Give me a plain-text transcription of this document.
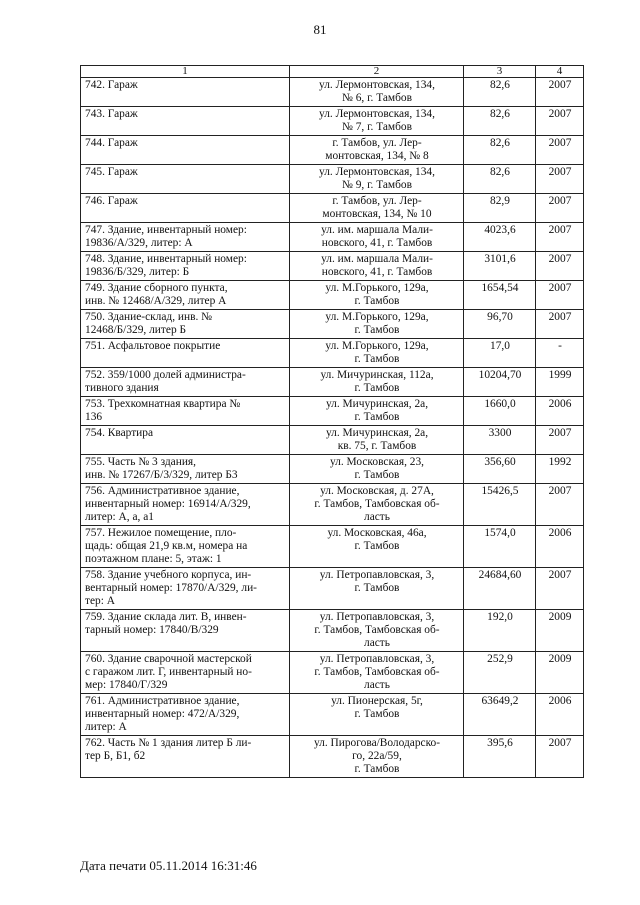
81
1	2	3	4

742. Гараж	ул. Лермонтовская, 134,
№ 6, г. Тамбов	82,6	2007

743. Гараж	ул. Лермонтовская, 134,
№ 7, г. Тамбов	82,6	2007

744. Гараж	г. Тамбов, ул. Лер-
монтовская, 134, № 8	82,6	2007

745. Гараж	ул. Лермонтовская, 134,
№ 9, г. Тамбов	82,6	2007

746. Гараж	г. Тамбов, ул. Лер-
монтовская, 134, № 10	82,9	2007

747. Здание, инвентарный номер:
19836/А/329, литер: А	ул. им. маршала Мали-
новского, 41, г. Тамбов	4023,6	2007

748. Здание, инвентарный номер:
19836/Б/329, литер: Б	ул. им. маршала Мали-
новского, 41, г. Тамбов	3101,6	2007

749. Здание сборного пункта,
инв. № 12468/А/329, литер А	ул. М.Горького, 129а,
г. Тамбов	1654,54	2007

750. Здание-склад, инв. №
12468/Б/329, литер Б	ул. М.Горького, 129а,
г. Тамбов	96,70	2007

751. Асфальтовое покрытие	ул. М.Горького, 129а,
г. Тамбов	17,0	-

752. 359/1000 долей администра-
тивного здания	ул. Мичуринская, 112а,
г. Тамбов	10204,70	1999

753. Трехкомнатная квартира №
136	ул. Мичуринская, 2а,
г. Тамбов	1660,0	2006

754. Квартира	ул. Мичуринская, 2а,
кв. 75, г. Тамбов	3300	2007

755. Часть № 3 здания,
инв. № 17267/Б/3/329, литер Б3	ул. Московская, 23,
г. Тамбов	356,60	1992

756. Административное здание,
инвентарный номер: 16914/А/329,
литер: А, а, а1	ул. Московская, д. 27А,
г. Тамбов, Тамбовская об-
ласть	15426,5	2007

757. Нежилое помещение, пло-
щадь: общая 21,9 кв.м, номера на
поэтажном плане: 5, этаж: 1	ул. Московская, 46а,
г. Тамбов	1574,0	2006

758. Здание учебного корпуса, ин-
вентарный номер: 17870/А/329, ли-
тер: А	ул. Петропавловская, 3,
г. Тамбов	24684,60	2007

759. Здание склада лит. В, инвен-
тарный номер: 17840/В/329	ул. Петропавловская, 3,
г. Тамбов, Тамбовская об-
ласть	192,0	2009

760. Здание сварочной мастерской
с гаражом лит. Г, инвентарный но-
мер: 17840/Г/329	ул. Петропавловская, 3,
г. Тамбов, Тамбовская об-
ласть	252,9	2009

761. Административное здание,
инвентарный номер: 472/А/329,
литер: А	ул. Пионерская, 5г,
г. Тамбов	63649,2	2006

762. Часть № 1 здания литер Б ли-
тер Б, Б1, б2	ул. Пирогова/Володарско-
го, 22а/59,
г. Тамбов	395,6	2007
Дата печати 05.11.2014 16:31:46
